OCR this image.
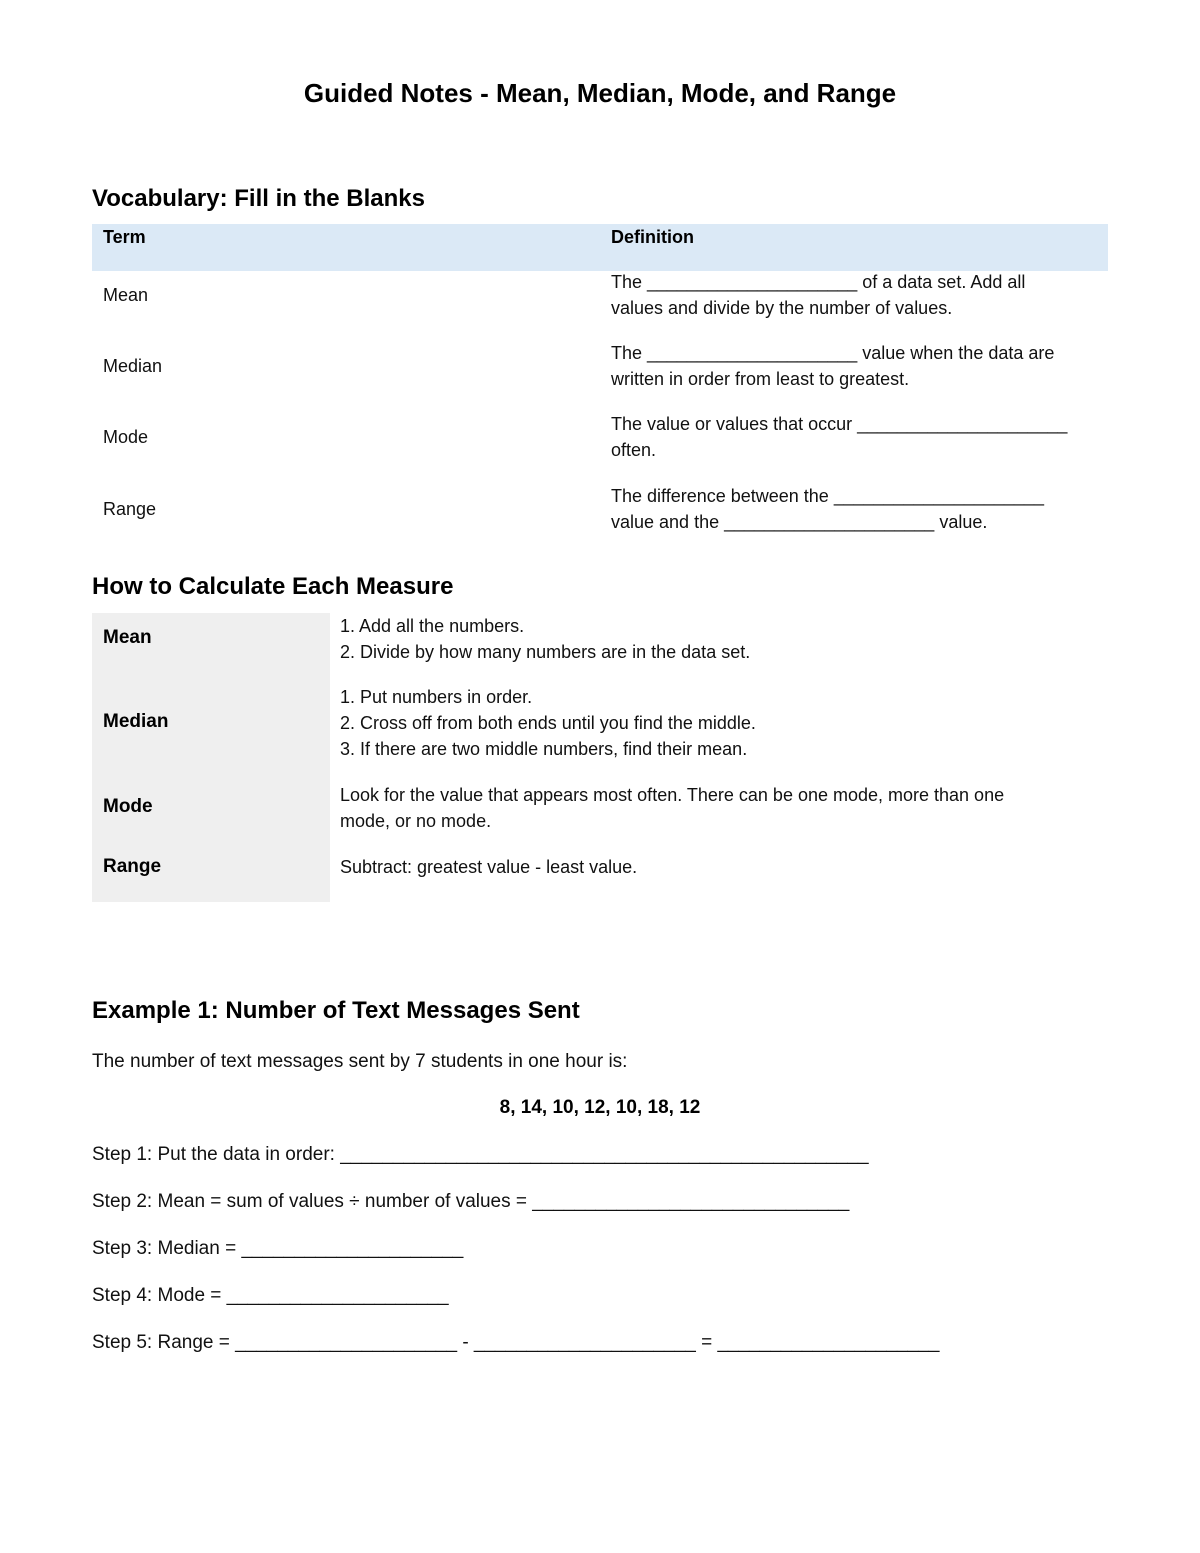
Guided Notes - Mean, Median, Mode, and Range
Vocabulary: Fill in the Blanks
Term	Definition
Mean
The _____________________ of a data set. Add all
values and divide by the number of values.
Median
The _____________________ value when the data are
written in order from least to greatest.
Mode
The value or values that occur _____________________
often.
Range
The difference between the _____________________
value and the _____________________ value.
How to Calculate Each Measure
Mean
1. Add all the numbers.
2. Divide by how many numbers are in the data set.
Median
1. Put numbers in order.
2. Cross off from both ends until you find the middle.
3. If there are two middle numbers, find their mean.
Mode
Look for the value that appears most often. There can be one mode, more than one
mode, or no mode.
Range	Subtract: greatest value - least value.
Example 1: Number of Text Messages Sent
The number of text messages sent by 7 students in one hour is:
8, 14, 10, 12, 10, 18, 12
Step 1: Put the data in order: __________________________________________________
Step 2: Mean = sum of values ÷ number of values = ______________________________
Step 3: Median = _____________________
Step 4: Mode = _____________________
Step 5: Range = _____________________ - _____________________ = _____________________
